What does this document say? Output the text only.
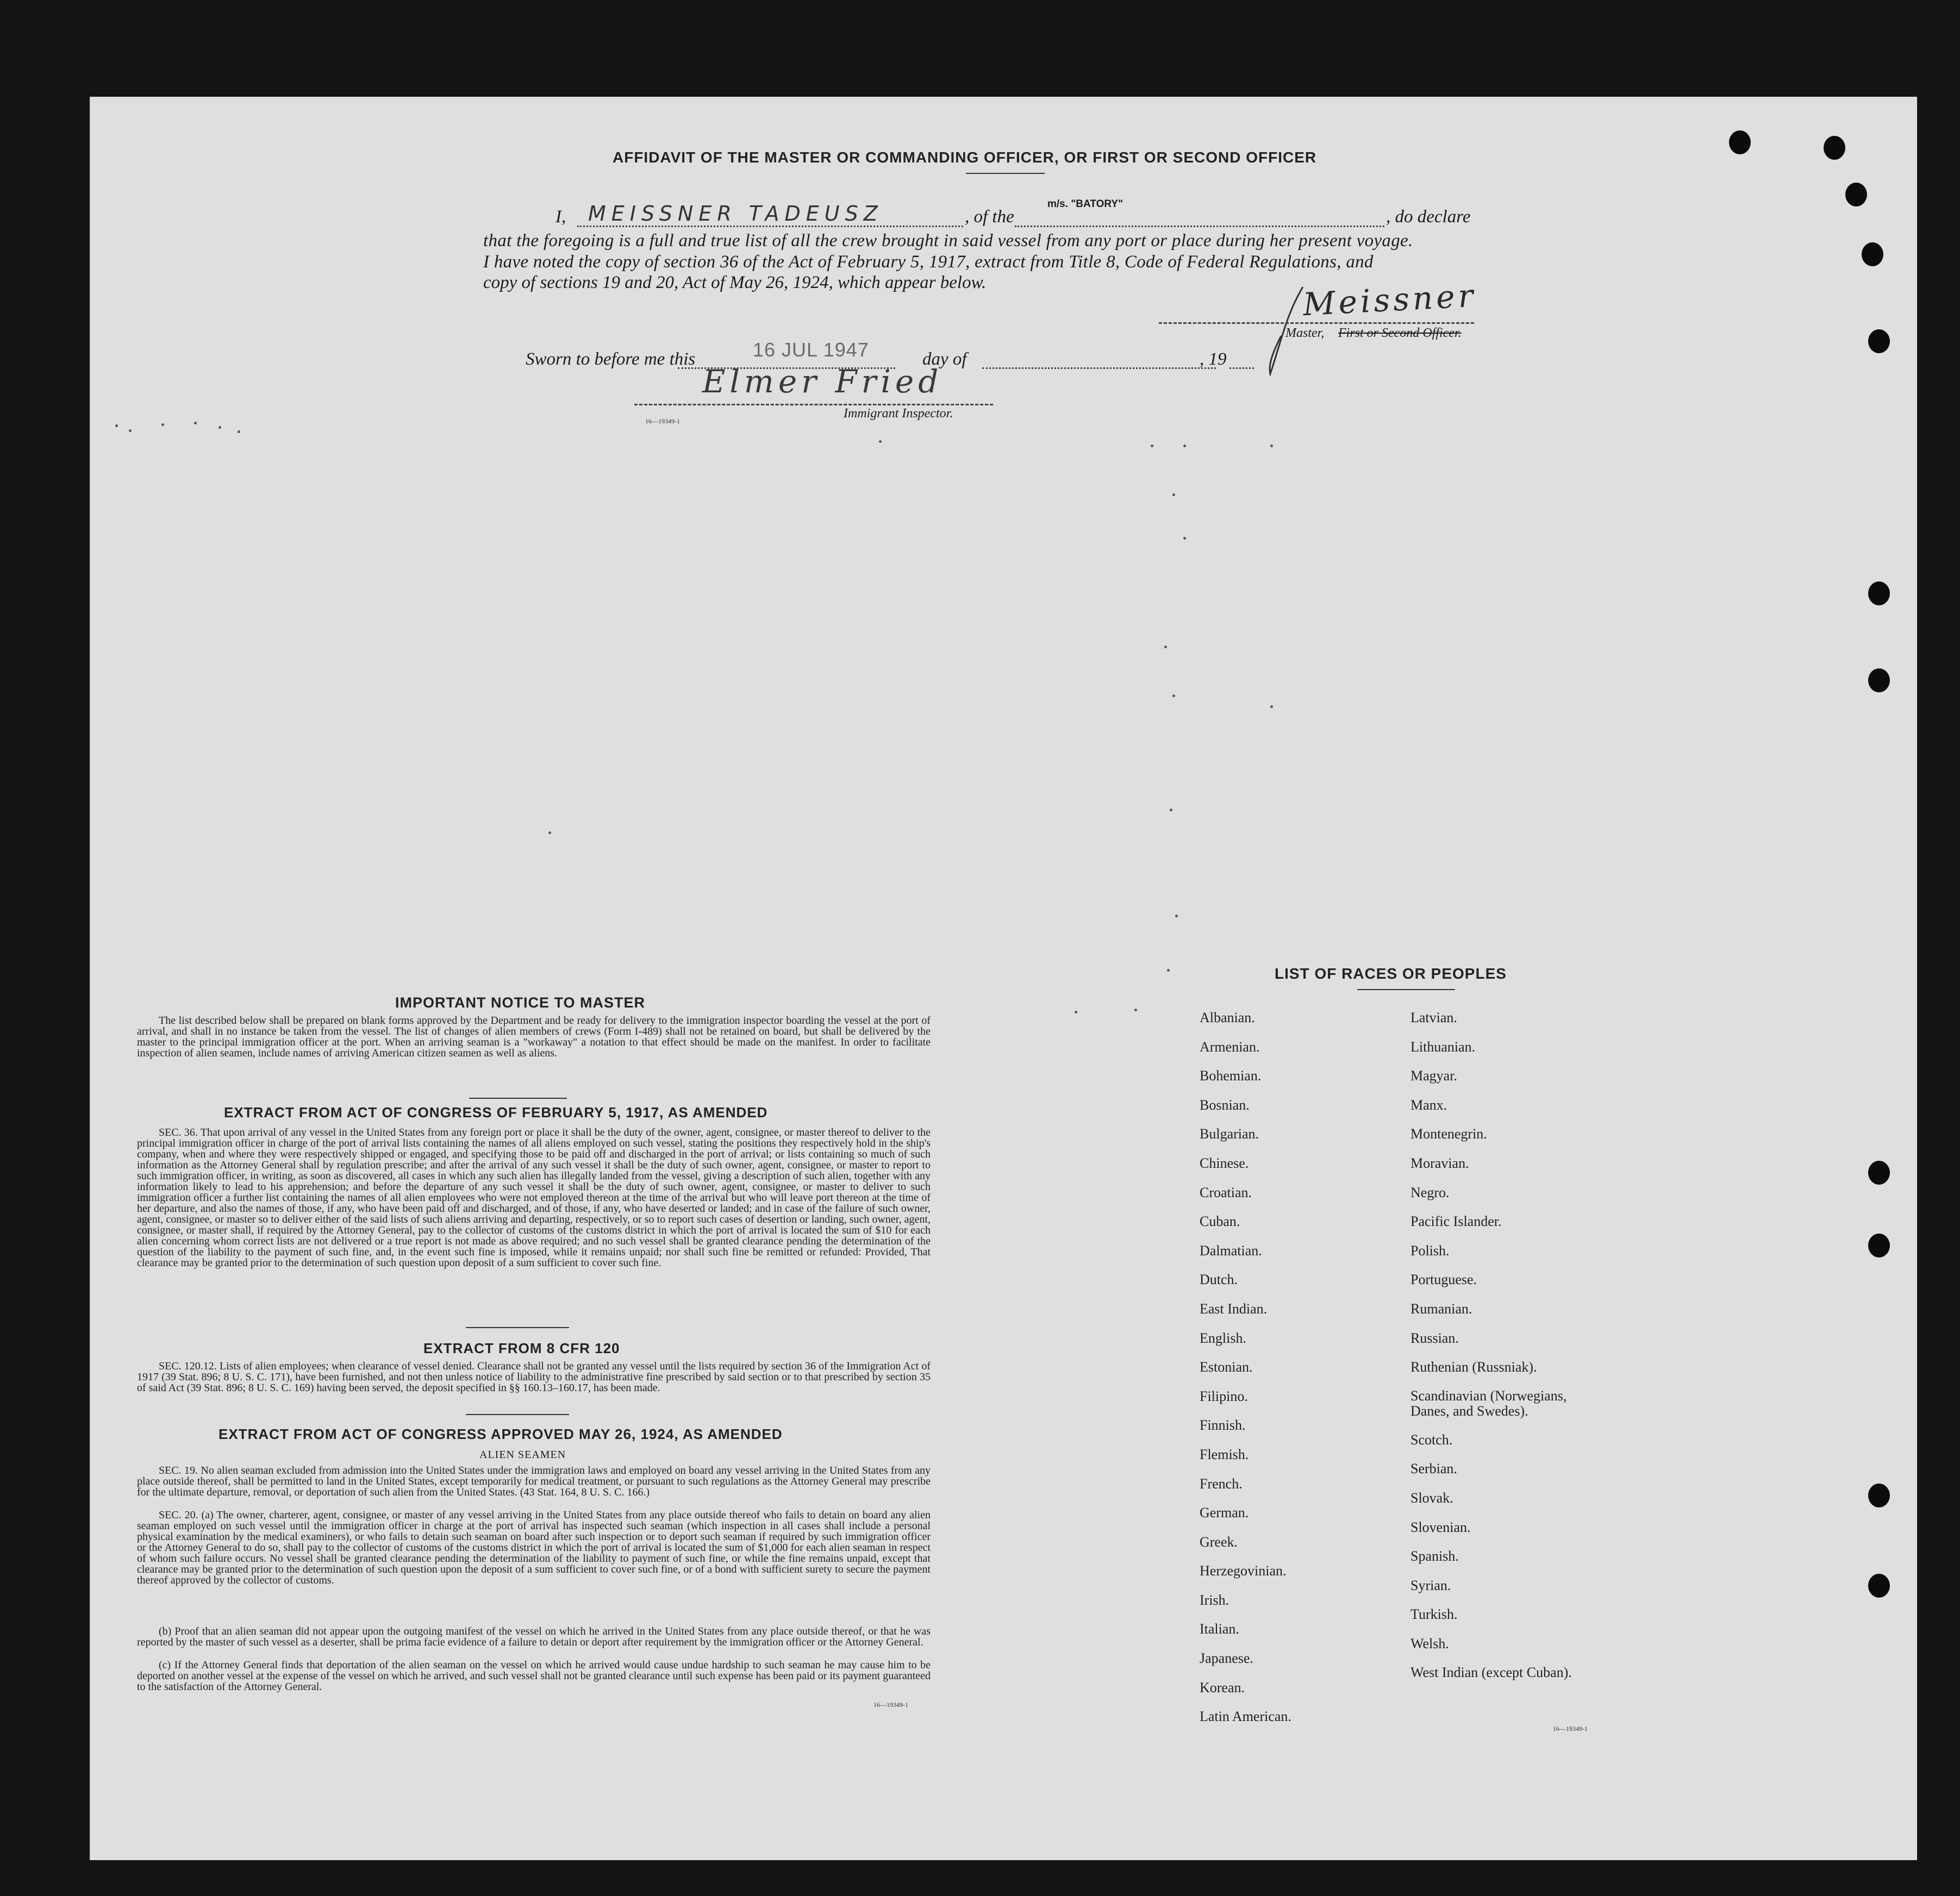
AFFIDAVIT OF THE MASTER OR COMMANDING OFFICER, OR FIRST OR SECOND OFFICER
I, MEISSNER TADEUSZ	, of the
m/s. "BATORY"
, do declare
that the foregoing is a full and true list of all the crew brought in said vessel from any port or place during her present voyage.
I have noted the copy of section 36 of the Act of February 5, 1917, extract from Title 8, Code of Federal Regulations, and
copy of sections 19 and 20, Act of May 26, 1924, which appear below.	Meissner
Master, First or Second Officer.
Sworn to before me this	16 JUL 1947	day of	, 19
Elmer Fried
Immigrant Inspector.
16—19349-1
IMPORTANT NOTICE TO MASTER
The list described below shall be prepared on blank forms approved by the Department and be ready for delivery to the immigration inspector boarding the vessel at the port of arrival, and shall in no instance be taken from the vessel. The list of changes of alien members of crews (Form I-489) shall not be retained on board, but shall be delivered by the master to the principal immigration officer at the port. When an arriving seaman is a "workaway" a notation to that effect should be made on the manifest. In order to facilitate inspection of alien seamen, include names of arriving American citizen seamen as well as aliens.
EXTRACT FROM ACT OF CONGRESS OF FEBRUARY 5, 1917, AS AMENDED
SEC. 36. That upon arrival of any vessel in the United States from any foreign port or place it shall be the duty of the owner, agent, consignee, or master thereof to deliver to the principal immigration officer in charge of the port of arrival lists containing the names of all aliens employed on such vessel, stating the positions they respectively hold in the ship's company, when and where they were respectively shipped or engaged, and specifying those to be paid off and discharged in the port of arrival; or lists containing so much of such information as the Attorney General shall by regulation prescribe; and after the arrival of any such vessel it shall be the duty of such owner, agent, consignee, or master to report to such immigration officer, in writing, as soon as discovered, all cases in which any such alien has illegally landed from the vessel, giving a description of such alien, together with any information likely to lead to his apprehension; and before the departure of any such vessel it shall be the duty of such owner, agent, consignee, or master to deliver to such immigration officer a further list containing the names of all alien employees who were not employed thereon at the time of the arrival but who will leave port thereon at the time of her departure, and also the names of those, if any, who have been paid off and discharged, and of those, if any, who have deserted or landed; and in case of the failure of such owner, agent, consignee, or master so to deliver either of the said lists of such aliens arriving and departing, respectively, or so to report such cases of desertion or landing, such owner, agent, consignee, or master shall, if required by the Attorney General, pay to the collector of customs of the customs district in which the port of arrival is located the sum of $10 for each alien concerning whom correct lists are not delivered or a true report is not made as above required; and no such vessel shall be granted clearance pending the determination of the question of the liability to the payment of such fine, and, in the event such fine is imposed, while it remains unpaid; nor shall such fine be remitted or refunded: Provided, That clearance may be granted prior to the determination of such question upon deposit of a sum sufficient to cover such fine.
EXTRACT FROM 8 CFR 120
SEC. 120.12. Lists of alien employees; when clearance of vessel denied. Clearance shall not be granted any vessel until the lists required by section 36 of the Immigration Act of 1917 (39 Stat. 896; 8 U. S. C. 171), have been furnished, and not then unless notice of liability to the administrative fine prescribed by said section or to that prescribed by section 35 of said Act (39 Stat. 896; 8 U. S. C. 169) having been served, the deposit specified in §§ 160.13–160.17, has been made.
EXTRACT FROM ACT OF CONGRESS APPROVED MAY 26, 1924, AS AMENDED
ALIEN SEAMEN
SEC. 19. No alien seaman excluded from admission into the United States under the immigration laws and employed on board any vessel arriving in the United States from any place outside thereof, shall be permitted to land in the United States, except temporarily for medical treatment, or pursuant to such regulations as the Attorney General may prescribe for the ultimate departure, removal, or deportation of such alien from the United States. (43 Stat. 164, 8 U. S. C. 166.)
SEC. 20. (a) The owner, charterer, agent, consignee, or master of any vessel arriving in the United States from any place outside thereof who fails to detain on board any alien seaman employed on such vessel until the immigration officer in charge at the port of arrival has inspected such seaman (which inspection in all cases shall include a personal physical examination by the medical examiners), or who fails to detain such seaman on board after such inspection or to deport such seaman if required by such immigration officer or the Attorney General to do so, shall pay to the collector of customs of the customs district in which the port of arrival is located the sum of $1,000 for each alien seaman in respect of whom such failure occurs. No vessel shall be granted clearance pending the determination of the liability to payment of such fine, or while the fine remains unpaid, except that clearance may be granted prior to the determination of such question upon the deposit of a sum sufficient to cover such fine, or of a bond with sufficient surety to secure the payment thereof approved by the collector of customs.
(b) Proof that an alien seaman did not appear upon the outgoing manifest of the vessel on which he arrived in the United States from any place outside thereof, or that he was reported by the master of such vessel as a deserter, shall be prima facie evidence of a failure to detain or deport after requirement by the immigration officer or the Attorney General.
(c) If the Attorney General finds that deportation of the alien seaman on the vessel on which he arrived would cause undue hardship to such seaman he may cause him to be deported on another vessel at the expense of the vessel on which he arrived, and such vessel shall not be granted clearance until such expense has been paid or its payment guaranteed to the satisfaction of the Attorney General.
16—19349-1
LIST OF RACES OR PEOPLES
Albanian.
Armenian.
Bohemian.
Bosnian.
Bulgarian.
Chinese.
Croatian.
Cuban.
Dalmatian.
Dutch.
East Indian.
English.
Estonian.
Filipino.
Finnish.
Flemish.
French.
German.
Greek.
Herzegovinian.
Irish.
Italian.
Japanese.
Korean.
Latin American.
Latvian.
Lithuanian.
Magyar.
Manx.
Montenegrin.
Moravian.
Negro.
Pacific Islander.
Polish.
Portuguese.
Rumanian.
Russian.
Ruthenian (Russniak).
Scandinavian (Norwegians, Danes, and Swedes).
Scotch.
Serbian.
Slovak.
Slovenian.
Spanish.
Syrian.
Turkish.
Welsh.
West Indian (except Cuban).
16—19349-1
